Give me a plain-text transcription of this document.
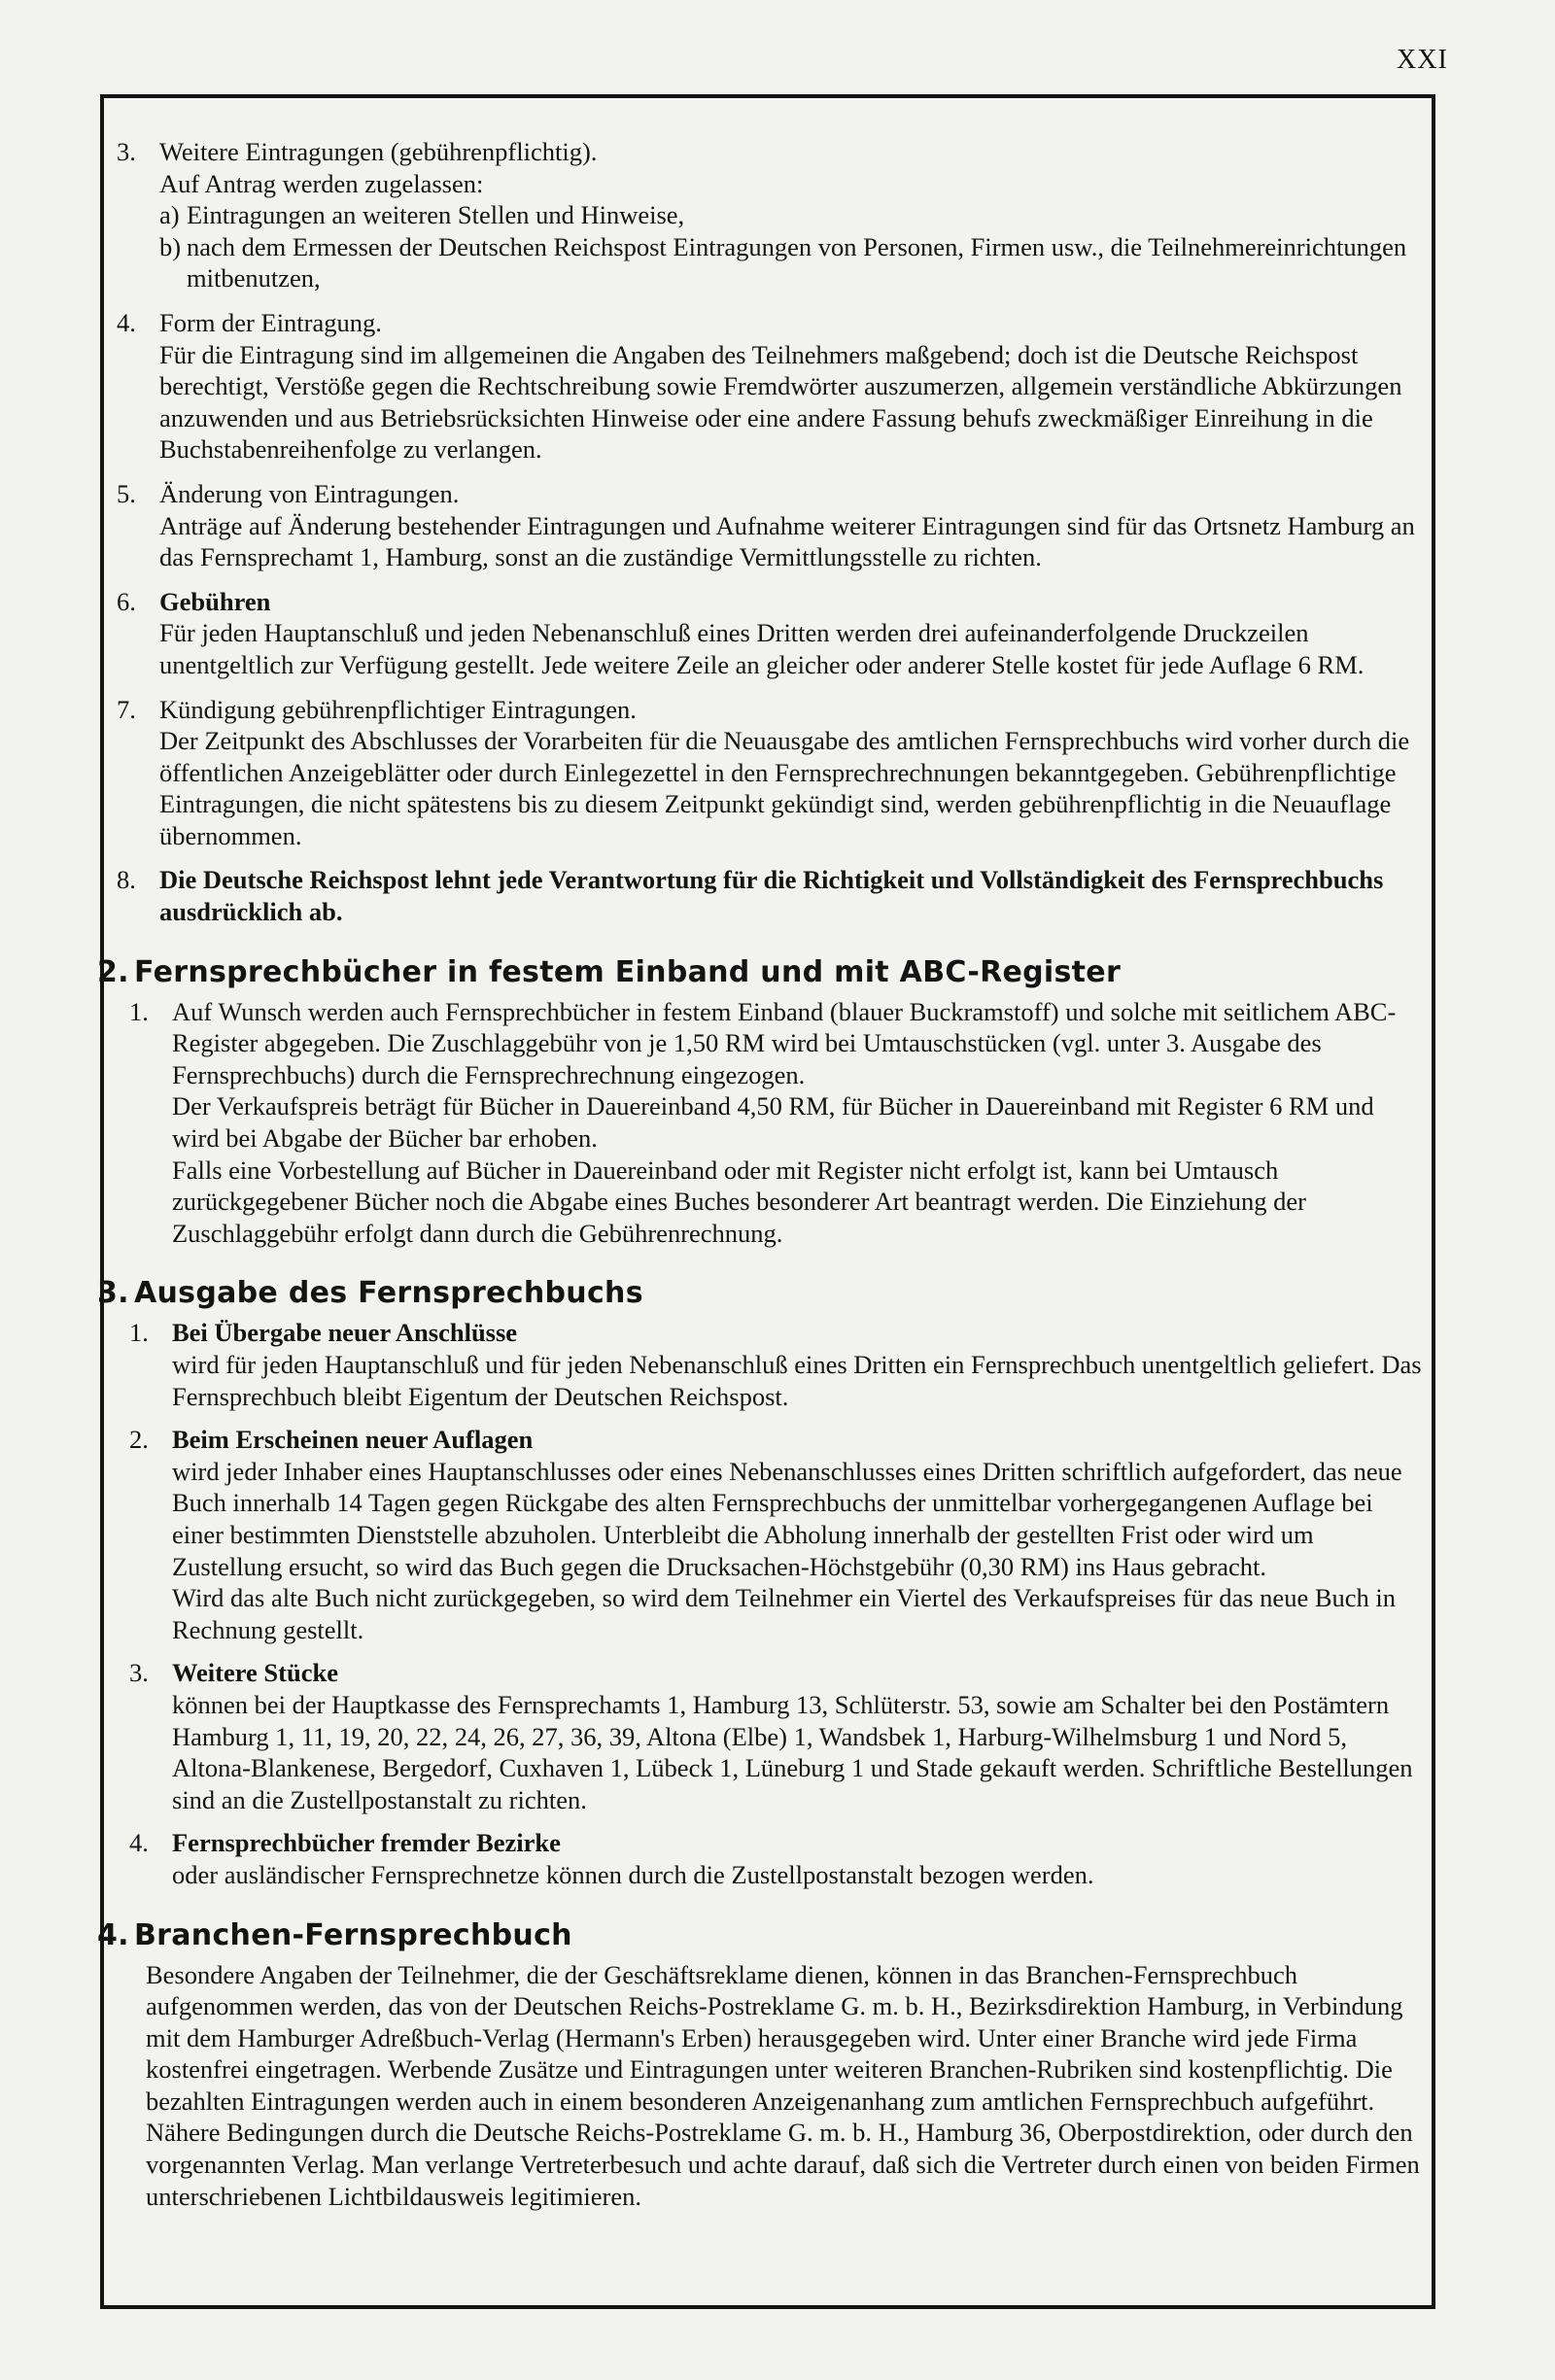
XXI
3. Weitere Eintragungen (gebührenpflichtig).
Auf Antrag werden zugelassen:
a) Eintragungen an weiteren Stellen und Hinweise,
b) nach dem Ermessen der Deutschen Reichspost Eintragungen von Personen, Firmen usw., die Teilnehmereinrichtungen mitbenutzen,
4. Form der Eintragung.
Für die Eintragung sind im allgemeinen die Angaben des Teilnehmers maßgebend; doch ist die Deutsche Reichspost berechtigt, Verstöße gegen die Rechtschreibung sowie Fremdwörter auszumerzen, allgemein verständliche Abkürzungen anzuwenden und aus Betriebsrücksichten Hinweise oder eine andere Fassung behufs zweckmäßiger Einreihung in die Buchstabenreihenfolge zu verlangen.
5. Änderung von Eintragungen.
Anträge auf Änderung bestehender Eintragungen und Aufnahme weiterer Eintragungen sind für das Ortsnetz Hamburg an das Fernsprechamt 1, Hamburg, sonst an die zuständige Vermittlungsstelle zu richten.
6. Gebühren
Für jeden Hauptanschluß und jeden Nebenanschluß eines Dritten werden drei aufeinanderfolgende Druckzeilen unentgeltlich zur Verfügung gestellt. Jede weitere Zeile an gleicher oder anderer Stelle kostet für jede Auflage 6 RM.
7. Kündigung gebührenpflichtiger Eintragungen.
Der Zeitpunkt des Abschlusses der Vorarbeiten für die Neuausgabe des amtlichen Fernsprechbuchs wird vorher durch die öffentlichen Anzeigeblätter oder durch Einlegezettel in den Fernsprechrechnungen bekanntgegeben. Gebührenpflichtige Eintragungen, die nicht spätestens bis zu diesem Zeitpunkt gekündigt sind, werden gebührenpflichtig in die Neuauflage übernommen.
8. Die Deutsche Reichspost lehnt jede Verantwortung für die Richtigkeit und Vollständigkeit des Fernsprechbuchs ausdrücklich ab.
2. Fernsprechbücher in festem Einband und mit ABC-Register
1. Auf Wunsch werden auch Fernsprechbücher in festem Einband (blauer Buckramstoff) und solche mit seitlichem ABC-Register abgegeben. Die Zuschlaggebühr von je 1,50 RM wird bei Umtauschstücken (vgl. unter 3. Ausgabe des Fernsprechbuchs) durch die Fernsprechrechnung eingezogen.
Der Verkaufspreis beträgt für Bücher in Dauereinband 4,50 RM, für Bücher in Dauereinband mit Register 6 RM und wird bei Abgabe der Bücher bar erhoben.
Falls eine Vorbestellung auf Bücher in Dauereinband oder mit Register nicht erfolgt ist, kann bei Umtausch zurückgegebener Bücher noch die Abgabe eines Buches besonderer Art beantragt werden. Die Einziehung der Zuschlaggebühr erfolgt dann durch die Gebührenrechnung.
3. Ausgabe des Fernsprechbuchs
1. Bei Übergabe neuer Anschlüsse
wird für jeden Hauptanschluß und für jeden Nebenanschluß eines Dritten ein Fernsprechbuch unentgeltlich geliefert. Das Fernsprechbuch bleibt Eigentum der Deutschen Reichspost.
2. Beim Erscheinen neuer Auflagen
wird jeder Inhaber eines Hauptanschlusses oder eines Nebenanschlusses eines Dritten schriftlich aufgefordert, das neue Buch innerhalb 14 Tagen gegen Rückgabe des alten Fernsprechbuchs der unmittelbar vorhergegangenen Auflage bei einer bestimmten Dienststelle abzuholen. Unterbleibt die Abholung innerhalb der gestellten Frist oder wird um Zustellung ersucht, so wird das Buch gegen die Drucksachen-Höchstgebühr (0,30 RM) ins Haus gebracht.
Wird das alte Buch nicht zurückgegeben, so wird dem Teilnehmer ein Viertel des Verkaufspreises für das neue Buch in Rechnung gestellt.
3. Weitere Stücke
können bei der Hauptkasse des Fernsprechamts 1, Hamburg 13, Schlüterstr. 53, sowie am Schalter bei den Postämtern Hamburg 1, 11, 19, 20, 22, 24, 26, 27, 36, 39, Altona (Elbe) 1, Wandsbek 1, Harburg-Wilhelmsburg 1 und Nord 5, Altona-Blankenese, Bergedorf, Cuxhaven 1, Lübeck 1, Lüneburg 1 und Stade gekauft werden. Schriftliche Bestellungen sind an die Zustellpostanstalt zu richten.
4. Fernsprechbücher fremder Bezirke
oder ausländischer Fernsprechnetze können durch die Zustellpostanstalt bezogen werden.
4. Branchen-Fernsprechbuch
Besondere Angaben der Teilnehmer, die der Geschäftsreklame dienen, können in das Branchen-Fernsprechbuch aufgenommen werden, das von der Deutschen Reichs-Postreklame G. m. b. H., Bezirksdirektion Hamburg, in Verbindung mit dem Hamburger Adreßbuch-Verlag (Hermann's Erben) herausgegeben wird. Unter einer Branche wird jede Firma kostenfrei eingetragen. Werbende Zusätze und Eintragungen unter weiteren Branchen-Rubriken sind kostenpflichtig. Die bezahlten Eintragungen werden auch in einem besonderen Anzeigenanhang zum amtlichen Fernsprechbuch aufgeführt. Nähere Bedingungen durch die Deutsche Reichs-Postreklame G. m. b. H., Hamburg 36, Oberpostdirektion, oder durch den vorgenannten Verlag. Man verlange Vertreterbesuch und achte darauf, daß sich die Vertreter durch einen von beiden Firmen unterschriebenen Lichtbildausweis legitimieren.
